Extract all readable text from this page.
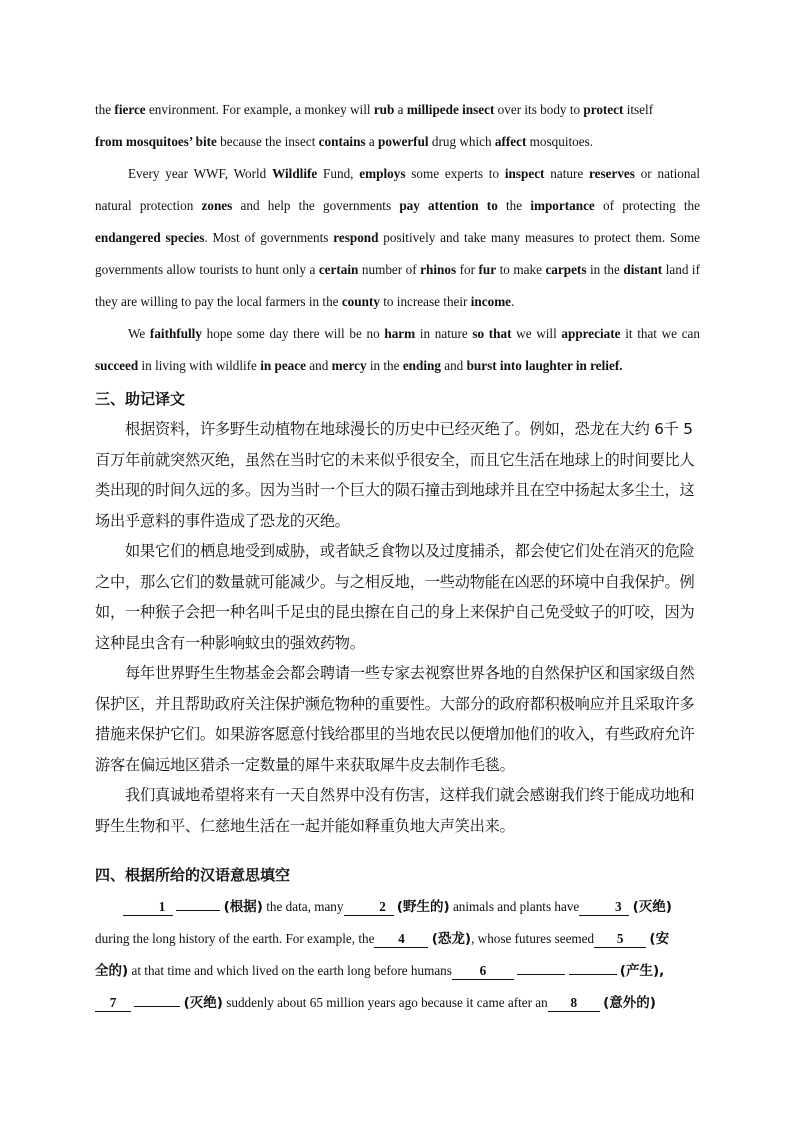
the fierce environment. For example, a monkey will rub a millipede insect over its body to protect itself

from mosquitoes’ bite because the insect contains a powerful drug which affect mosquitoes.

Every year WWF, World Wildlife Fund, employs some experts to inspect nature reserves or national natural protection zones and help the governments pay attention to the importance of protecting the endangered species. Most of governments respond positively and take many measures to protect them. Some governments allow tourists to hunt only a certain number of rhinos for fur to make carpets in the distant land if they are willing to pay the local farmers in the county to increase their income.

We faithfully hope some day there will be no harm in nature so that we will appreciate it that we can succeed in living with wildlife in peace and mercy in the ending and burst into laughter in relief.

三、助记译文

根据资料，许多野生动植物在地球漫长的历史中已经灭绝了。例如，恐龙在大约 6千 5 百万年前就突然灭绝，虽然在当时它的未来似乎很安全，而且它生活在地球上的时间要比人类出现的时间久远的多。因为当时一个巨大的陨石撞击到地球并且在空中扬起太多尘土，这场出乎意料的事件造成了恐龙的灭绝。

如果它们的栖息地受到威胁，或者缺乏食物以及过度捕杀，都会使它们处在消灭的危险之中，那么它们的数量就可能减少。与之相反地，一些动物能在凶恶的环境中自我保护。例如，一种猴子会把一种名叫千足虫的昆虫擦在自己的身上来保护自己免受蚊子的叮咬，因为这种昆虫含有一种影响蚊虫的强效药物。

每年世界野生生物基金会都会聘请一些专家去视察世界各地的自然保护区和国家级自然保护区，并且帮助政府关注保护濒危物种的重要性。大部分的政府都积极响应并且采取许多措施来保护它们。如果游客愿意付钱给郡里的当地农民以便增加他们的收入，有些政府允许游客在偏远地区猎杀一定数量的犀牛来获取犀牛皮去制作毛毯。

我们真诚地希望将来有一天自然界中没有伤害，这样我们就会感谢我们终于能成功地和野生生物和平、仁慈地生活在一起并能如释重负地大声笑出来。

四、根据所给的汉语意思填空
1	(根据) the data, many	2 (野生的) animals and plants have	3 (灭绝)
during the long history of the earth. For example, the 4 (恐龙), whose futures seemed 5 (安
全的) at that time and which lived on the earth long before humans 6	(产生),
7	(灭绝) suddenly about 65 million years ago because it came after an 8 (意外的)
